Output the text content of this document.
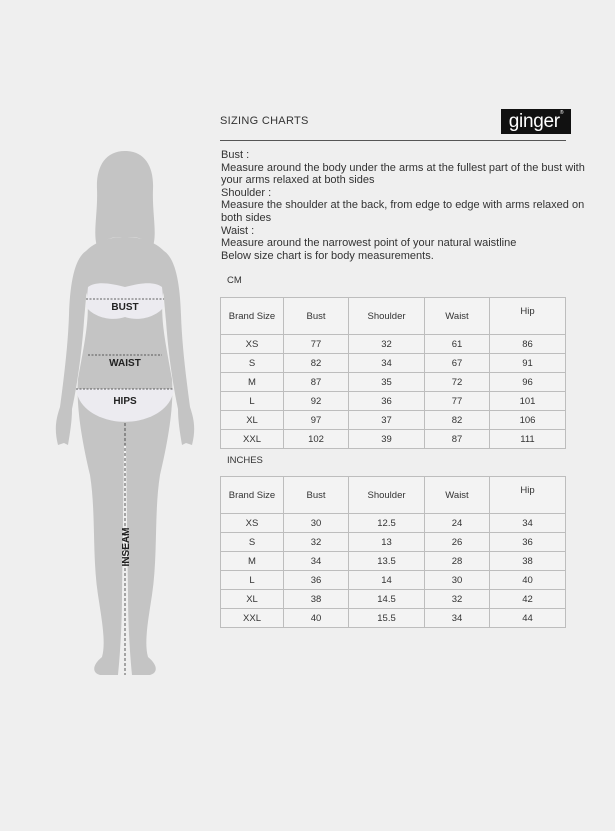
BUST
WAIST
HIPS
INSEAM
SIZING CHARTS	ginger®
Bust :
Measure around the body under the arms at the fullest part of the bust with
your arms relaxed at both sides
Shoulder :
Measure the shoulder at the back, from edge to edge with arms relaxed on
both sides
Waist :
Measure around the narrowest point of your natural waistline
Below size chart is for body measurements.
CM
Brand Size	Bust	Shoulder	Waist	Hip
XS	77	32	61	86
S	82	34	67	91
M	87	35	72	96
L	92	36	77	101
XL	97	37	82	106
XXL	102	39	87	111
INCHES
Brand Size	Bust	Shoulder	Waist	Hip
XS	30	12.5	24	34
S	32	13	26	36
M	34	13.5	28	38
L	36	14	30	40
XL	38	14.5	32	42
XXL	40	15.5	34	44
